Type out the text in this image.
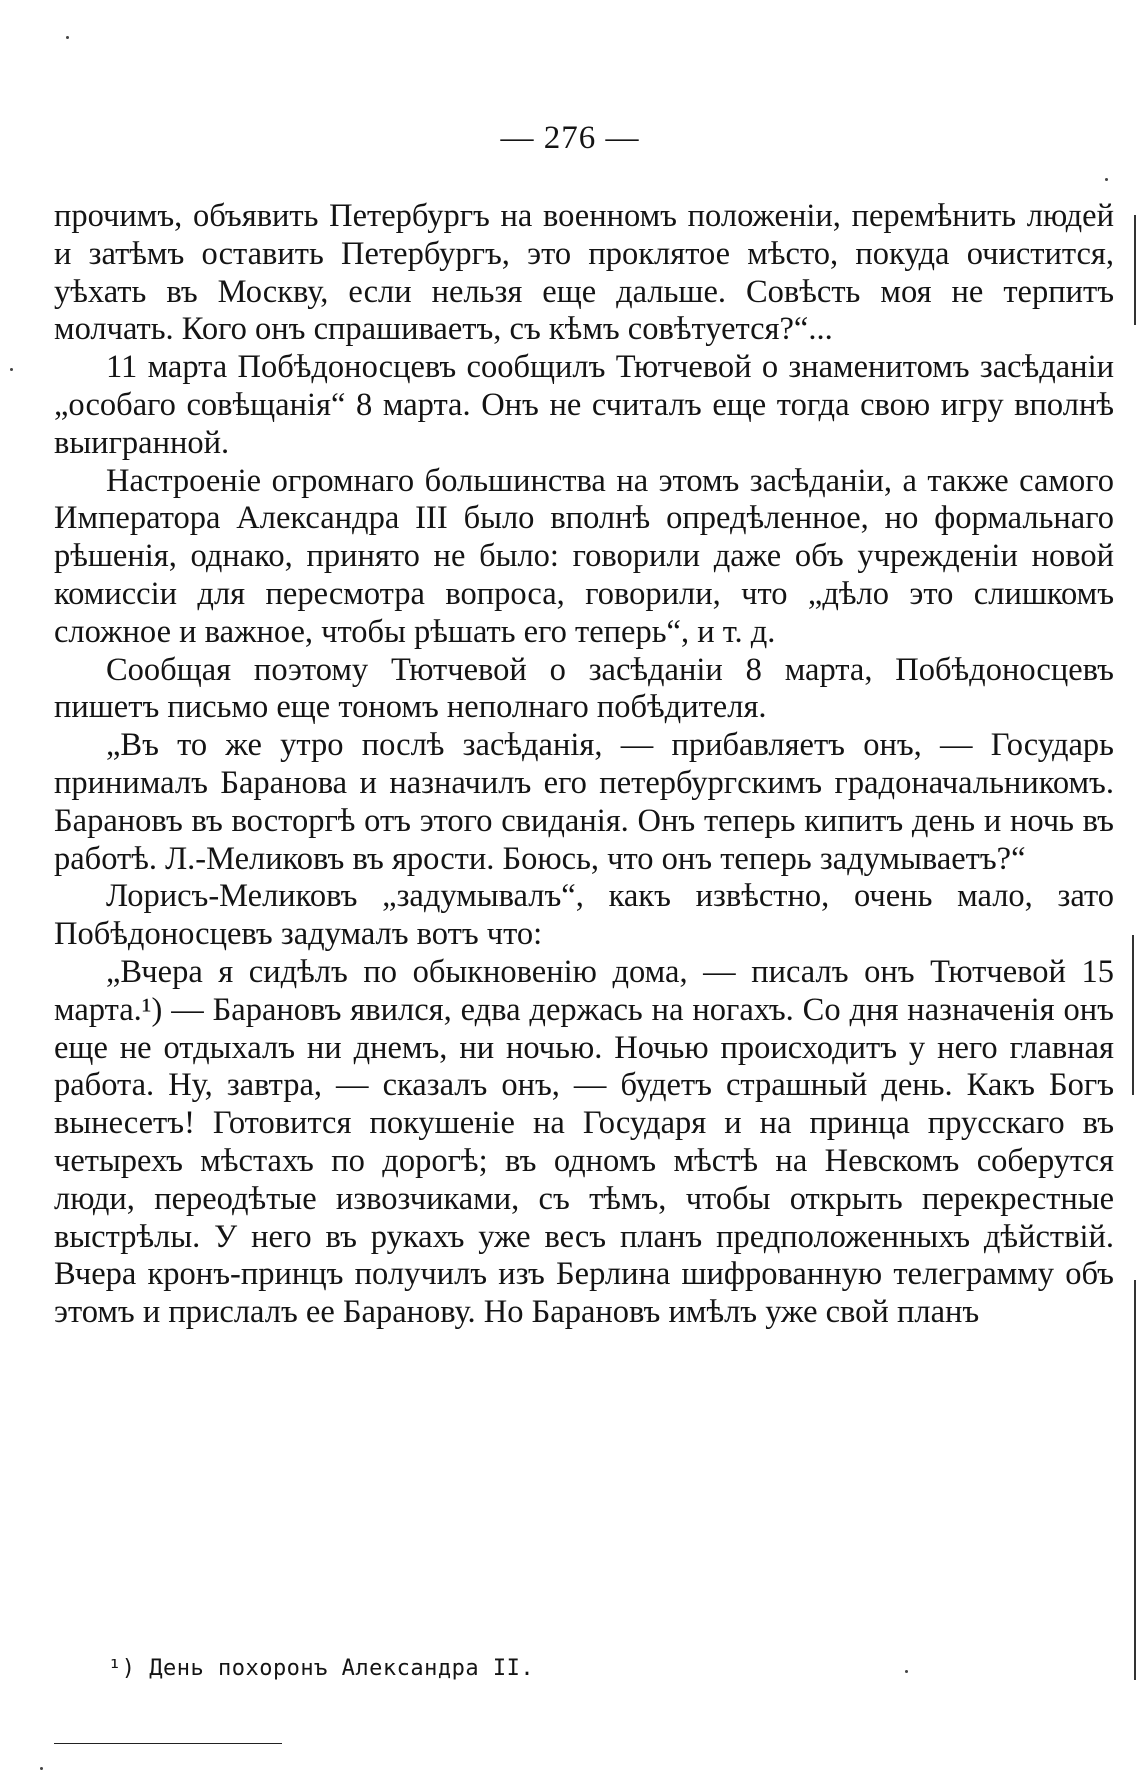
— 276 —

прочимъ, объявить Петербургъ на военномъ положенiи, перемѣнить людей и затѣмъ оставить Петербургъ, это проклятое мѣсто, покуда очистится, уѣхать въ Москву, если нельзя еще дальше. Совѣсть моя не терпитъ молчать. Кого онъ спрашиваетъ, съ кѣмъ совѣтуется?“...

11 марта Побѣдоносцевъ сообщилъ Тютчевой о знаменитомъ засѣданiи „особаго совѣщанiя“ 8 марта. Онъ не считалъ еще тогда свою игру вполнѣ выигранной.

Настроенiе огромнаго большинства на этомъ засѣданiи, а также самого Императора Александра III было вполнѣ опредѣленное, но формальнаго рѣшенiя, однако, принято не было: говорили даже объ учрежденiи новой комиссiи для пересмотра вопроса, говорили, что „дѣло это слишкомъ сложное и важное, чтобы рѣшать его теперь“, и т. д.

Сообщая поэтому Тютчевой о засѣданiи 8 марта, Побѣдоносцевъ пишетъ письмо еще тономъ неполнаго побѣдителя.

„Въ то же утро послѣ засѣданiя, — прибавляетъ онъ, — Государь принималъ Баранова и назначилъ его петербургскимъ градоначальникомъ. Барановъ въ восторгѣ отъ этого свиданiя. Онъ теперь кипитъ день и ночь въ работѣ. Л.-Меликовъ въ ярости. Боюсь, что онъ теперь задумываетъ?“

Лорисъ-Меликовъ „задумывалъ“, какъ извѣстно, очень мало, зато Побѣдоносцевъ задумалъ вотъ что:

„Вчера я сидѣлъ по обыкновенiю дома, — писалъ онъ Тютчевой 15 марта.¹) — Барановъ явился, едва держась на ногахъ. Со дня назначенiя онъ еще не отдыхалъ ни днемъ, ни ночью. Ночью происходитъ у него главная работа. Ну, завтра, — сказалъ онъ, — будетъ страшный день. Какъ Богъ вынесетъ! Готовится покушенiе на Государя и на принца прусскаго въ четырехъ мѣстахъ по дорогѣ; въ одномъ мѣстѣ на Невскомъ соберутся люди, переодѣтые извозчиками, съ тѣмъ, чтобы открыть перекрестные выстрѣлы. У него въ рукахъ уже весъ планъ предположенныхъ дѣйствiй. Вчера кронъ-принцъ получилъ изъ Берлина шифрованную телеграмму объ этомъ и прислалъ ее Баранову. Но Барановъ имѣлъ уже свой планъ

¹) День похоронъ Александра II.
